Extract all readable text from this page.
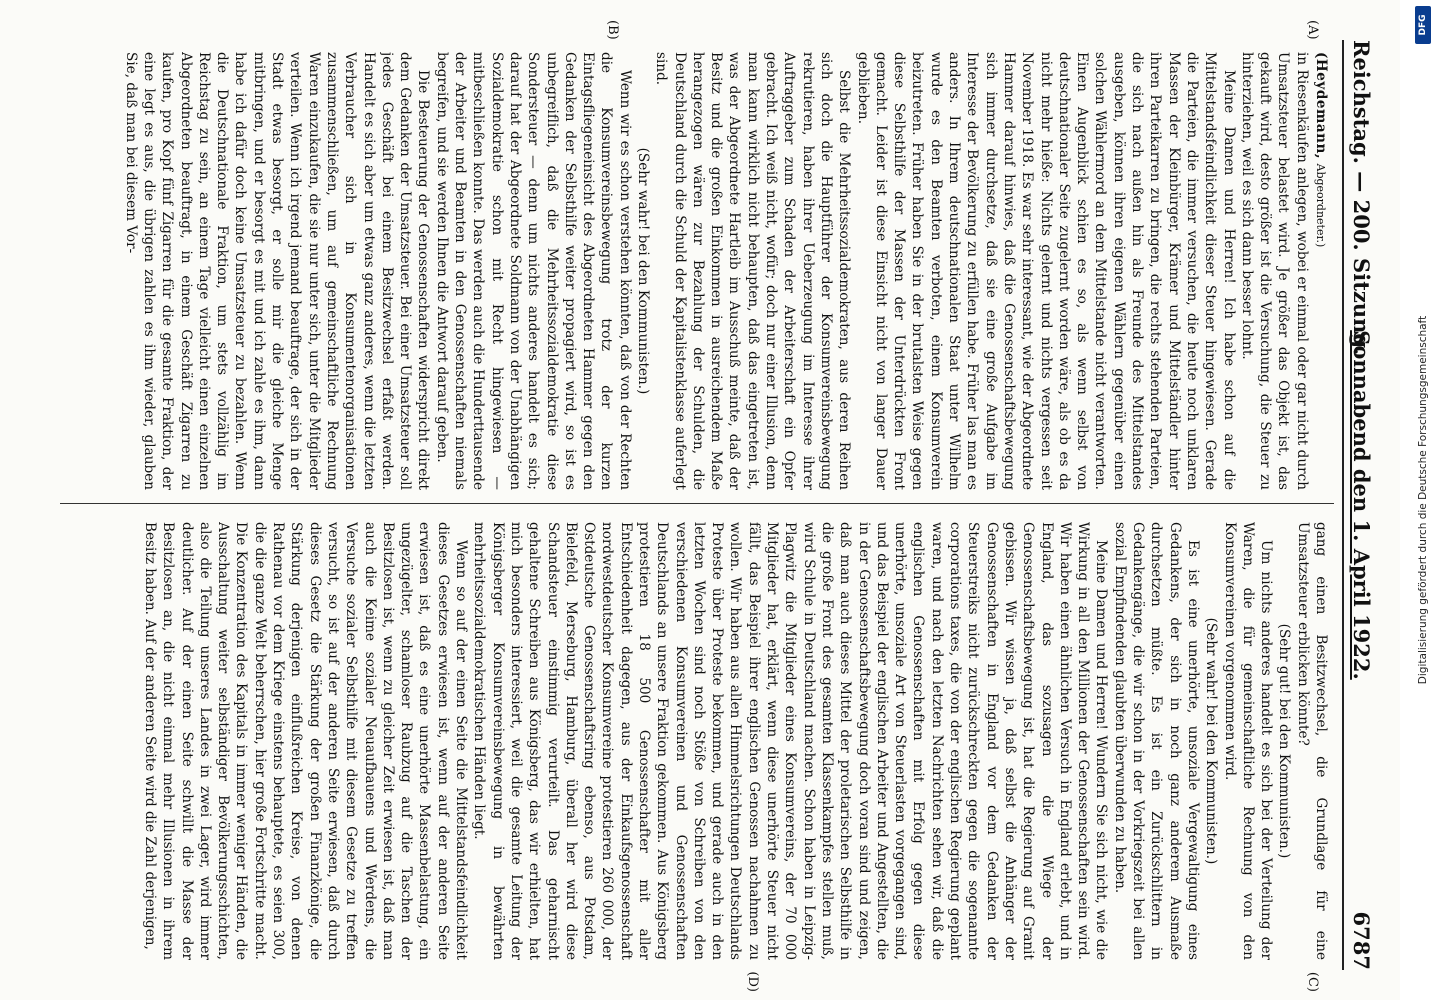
Reichstag. — 200. Sitzung.
Sonnabend den 1. April 1922.
6787
(A)
(B)
(C)
(D)

(Heydemann, Abgeordneter.)

in Riesenkäufen anlegen, wobei er einmal oder gar nicht durch Umsatzsteuer belastet wird. Je größer das Objekt ist, das gekauft wird, desto größer ist die Versuchung, die Steuer zu hinterziehen, weil es sich dann besser lohnt.

Meine Damen und Herren! Ich habe schon auf die Mittelstandsfeindlichkeit dieser Steuer hingewiesen. Gerade die Parteien, die immer versuchen, die heute noch unklaren Massen der Kleinbürger, Krämer und Mittelständler hinter ihren Parteikarren zu bringen, die rechts stehenden Parteien, die sich nach außen hin als Freunde des Mittelstandes ausgeben, können ihren eigenen Wählern gegenüber einen solchen Wählermord an dem Mittelstande nicht verantworten. Einen Augenblick schien es so, als wenn selbst von deutschnationaler Seite zugelernt worden wäre, als ob es da nicht mehr hieße: Nichts gelernt und nichts vergessen seit November 1918. Es war sehr interessant, wie der Abgeordnete Hammer darauf hinwies, daß die Genossenschaftsbewegung sich immer durchsetze, daß sie eine große Aufgabe im Interesse der Bevölkerung zu erfüllen habe. Früher las man es anders. In Ihrem deutschnationalen Staat unter Wilhelm wurde es den Beamten verboten, einem Konsumverein beizutreten. Früher haben Sie in der brutalsten Weise gegen diese Selbsthilfe der Massen der Unterdrückten Front gemacht. Leider ist diese Einsicht nicht von langer Dauer geblieben.

Selbst die Mehrheitssozialdemokraten, aus deren Reihen sich doch die Hauptführer der Konsumvereinsbewegung rekrutieren, haben ihrer Ueberzeugung im Interesse ihrer Auftraggeber zum Schaden der Arbeiterschaft ein Opfer gebracht. Ich weiß nicht, wofür; doch nur einer Illusion, denn man kann wirklich nicht behaupten, daß das eingetreten ist, was der Abgeordnete Hartleib im Ausschuß meinte, daß der Besitz und die großen Einkommen in ausreichendem Maße herangezogen wären zur Bezahlung der Schulden, die Deutschland durch die Schuld der Kapitalistenklasse auferlegt sind.

(Sehr wahr! bei den Kommunisten.)

Wenn wir es schon verstehen könnten, daß von der Rechten die Konsumvereinsbewegung trotz der kurzen Eintagsfliegeneinsicht des Abgeordneten Hammer gegen den Gedanken der Selbsthilfe weiter propagiert wird, so ist es unbegreiflich, daß die Mehrheitssozialdemokratie diese Sondersteuer — denn um nichts anderes handelt es sich; darauf hat der Abgeordnete Soldmann von der Unabhängigen Sozialdemokratie schon mit Recht hingewiesen — mitbeschließen konnte. Das werden auch die Hunderttausende der Arbeiter und Beamten in den Genossenschaften niemals begreifen, und sie werden Ihnen die Antwort darauf geben.

Die Besteuerung der Genossenschaften widerspricht direkt dem Gedanken der Umsatzsteuer. Bei einer Umsatzsteuer soll jedes Geschäft bei einem Besitzwechsel erfaßt werden. Handelt es sich aber um etwas ganz anderes, wenn die letzten Verbraucher sich in Konsumentenorganisationen zusammenschließen, um auf gemeinschaftliche Rechnung Waren einzukaufen, die sie nur unter sich, unter die Mitglieder verteilen. Wenn ich irgend jemand beauftrage, der sich in der Stadt etwas besorgt, er solle mir die gleiche Menge mitbringen, und er besorgt es mit und ich zahle es ihm, dann habe ich dafür doch keine Umsatzsteuer zu bezahlen. Wenn die Deutschnationale Fraktion, um stets vollzählig im Reichstag zu sein, an einem Tage vielleicht einen einzelnen Abgeordneten beauftragt, in einem Geschäft Zigarren zu kaufen, pro Kopf fünf Zigarren für die gesamte Fraktion, der eine legt es aus, die übrigen zahlen es ihm wieder, glauben Sie, daß man bei diesem Vor-

gang einen Besitzwechsel, die Grundlage für eine Umsatzsteuer erblicken könnte?

(Sehr gut! bei den Kommunisten.)

Um nichts anderes handelt es sich bei der Verteilung der Waren, die für gemeinschaftliche Rechnung von den Konsumvereinen vorgenommen wird.

(Sehr wahr! bei den Kommunisten.)

Es ist eine unerhörte, unsoziale Vergewaltigung eines Gedankens, der sich in noch ganz anderem Ausmaße durchsetzen müßte. Es ist ein Zurückschlittern in Gedankengänge, die wir schon in der Vorkriegszeit bei allen sozial Empfindenden glaubten überwunden zu haben.

Meine Damen und Herren! Wundern Sie sich nicht, wie die Wirkung in all den Millionen der Genossenschaften sein wird. Wir haben einen ähnlichen Versuch in England erlebt, und in England, das sozusagen die Wiege der Genossenschaftsbewegung ist, hat die Regierung auf Granit gebissen. Wir wissen ja, daß selbst die Anhänger der Genossenschaften in England vor dem Gedanken der Steuerstreiks nicht zurückschreckten gegen die sogenannte corporations taxes, die von der englischen Regierung geplant waren, und nach den letzten Nachrichten sehen wir, daß die englischen Genossenschaften mit Erfolg gegen diese unerhörte, unsoziale Art von Steuerlasten vorgegangen sind, und das Beispiel der englischen Arbeiter und Angestellten, die in der Genossenschaftsbewegung doch voran sind und zeigen, daß man auch dieses Mittel der proletarischen Selbsthilfe in die große Front des gesamten Klassenkampfes stellen muß, wird Schule in Deutschland machen. Schon haben in Leipzig-Plagwitz die Mitglieder eines Konsumvereins, der 70 000 Mitglieder hat, erklärt, wenn diese unerhörte Steuer nicht fällt, das Beispiel ihrer englischen Genossen nachahmen zu wollen. Wir haben aus allen Himmelsrichtungen Deutschlands Proteste über Proteste bekommen, und gerade auch in den letzten Wochen sind noch Stöße von Schreiben von den verschiedenen Konsumvereinen und Genossenschaften Deutschlands an unsere Fraktion gekommen. Aus Königsberg protestieren 18 500 Genossenschafter mit aller Entschiedenheit dagegen, aus der Einkaufsgenossenschaft nordwestdeutscher Konsumvereine protestieren 260 000, der Ostdeutsche Genossenschaftsring ebenso, aus Potsdam, Bielefeld, Merseburg, Hamburg, überall her wird diese Schandsteuer einstimmig verurteilt. Das geharnischt gehaltene Schreiben aus Königsberg, das wir erhielten, hat mich besonders interessiert, weil die gesamte Leitung der Königsberger Konsumvereinsbewegung in bewährten mehrheitssozialdemokratischen Händen liegt.

Wenn so auf der einen Seite die Mittelstandsfeindlichkeit dieses Gesetzes erwiesen ist, wenn auf der anderen Seite erwiesen ist, daß es eine unerhörte Massenbelastung, ein ungezügelter, schamloser Raubzug auf die Taschen der Besitzlosen ist, wenn zu gleicher Zeit erwiesen ist, daß man auch die Keime sozialer Neuaufbauens und Werdens, die Versuche sozialer Selbsthilfe mit diesem Gesetze zu treffen versucht, so ist auf der anderen Seite erwiesen, daß durch dieses Gesetz die Stärkung der großen Finanzkönige, die Stärkung derjenigen einflußreichen Kreise, von denen Rathenau vor dem Kriege einstens behauptete, es seien 300, die die ganze Welt beherrschen, hier große Fortschritte macht. Die Konzentration des Kapitals in immer weniger Händen, die Ausschaltung weiter selbständiger Bevölkerungsschichten, also die Teilung unseres Landes in zwei Lager, wird immer deutlicher. Auf der einen Seite schwillt die Masse der Besitzlosen an, die nicht einmal mehr Illusionen in ihrem Besitz haben. Auf der anderen Seite wird die Zahl derjenigen,

DFG
Digitalisierung gefördert durch die Deutsche Forschungsgemeinschaft
